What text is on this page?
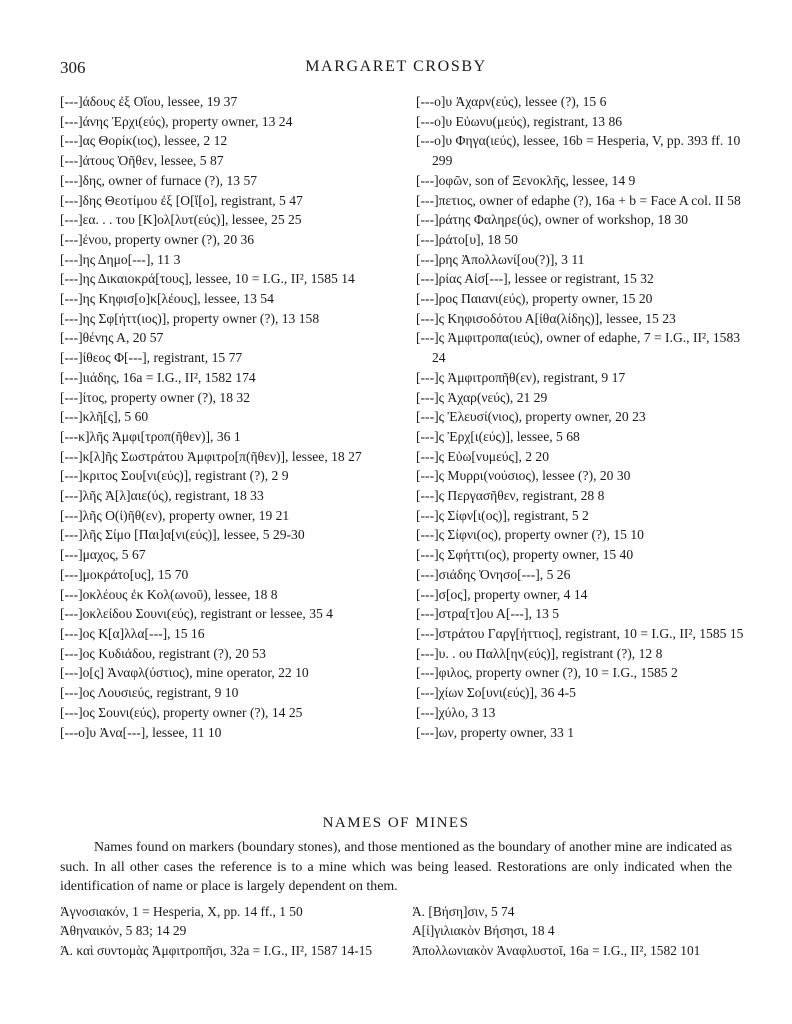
306	MARGARET CROSBY

[---]άδους ἐξ Οἴου, lessee, 19 37

[---]άνης Ἐρχι(εύς), property owner, 13 24

[---]ας Θορίκ(ιος), lessee, 2 12

[---]άτους Ὀῆθεν, lessee, 5 87

[---]δης, owner of furnace (?), 13 57

[---]δης Θεοτίμου ἐξ [Ο[ἴ[ο], registrant, 5 47

[---]εα. . . του [Κ]ολ[λυτ(εύς)], lessee, 25 25

[---]ένου, property owner (?), 20 36

[---]ης Δημο[---], 11 3

[---]ης Δικαιοκρά[τους], lessee, 10 = I.G., II², 1585 14

[---]ης Κηφισ[ο]κ[λέους], lessee, 13 54

[---]ης Σφ[ήττ(ιος)], property owner (?), 13 158

[---]θένης Α, 20 57

[---]ίθεος Φ[---], registrant, 15 77

[---]ιιάδης, 16a = I.G., II², 1582 174

[---]ίτος, property owner (?), 18 32

[---]κλῆ[ς], 5 60

[---κ]λῆς Ἀμφι[τροπ(ῆθεν)], 36 1

[---]κ[λ]ῆς Σωστράτου Ἀμφιτρο[π(ῆθεν)], lessee, 18 27

[---]κριτος Σου[νι(εύς)], registrant (?), 2 9

[---]λῆς Ἀ[λ]αιε(ύς), registrant, 18 33

[---]λῆς Ο(ἰ)ῆθ(εν), property owner, 19 21

[---]λῆς Σίμο [Παι]α[νι(εύς)], lessee, 5 29-30

[---]μαχος, 5 67

[---]μοκράτο[υς], 15 70

[---]οκλέους ἐκ Κολ(ωνοῦ), lessee, 18 8

[---]οκλείδου Σουνι(εύς), registrant or lessee, 35 4

[---]ος Κ[α]λλα[---], 15 16

[---]ος Κυδιάδου, registrant (?), 20 53

[---]ο[ς] Ἀναφλ(ύστιος), mine operator, 22 10

[---]ος Λουσιεύς, registrant, 9 10

[---]ος Σουνι(εύς), property owner (?), 14 25

[---ο]υ Ἀνα[---], lessee, 11 10

[---ο]υ Ἀχαρν(εύς), lessee (?), 15 6

[---ο]υ Εὐωνυ(μεύς), registrant, 13 86

[---ο]υ Φηγα(ιεύς), lessee, 16b = Hesperia, V, pp. 393 ff. 10 299

[---]οφῶν, son of Ξενοκλῆς, lessee, 14 9

[---]πετιος, owner of edaphe (?), 16a + b = Face A col. II 58

[---]ράτης Φαληρε(ύς), owner of workshop, 18 30

[---]ράτο[υ], 18 50

[---]ρης Ἀπολλωνί[ου(?)], 3 11

[---]ρίας Αἰσ[---], lessee or registrant, 15 32

[---]ρος Παιανι(εύς), property owner, 15 20

[---]ς Κηφισοδότου Α[ἰθα(λίδης)], lessee, 15 23

[---]ς Ἀμφιτροπα(ιεύς), owner of edaphe, 7 = I.G., II², 1583 24

[---]ς Ἀμφιτροπῆθ(εν), registrant, 9 17

[---]ς Ἀχαρ(νεύς), 21 29

[---]ς Ἐλευσί(νιος), property owner, 20 23

[---]ς Ἐρχ[ι(εύς)], lessee, 5 68

[---]ς Εὐω[νυμεύς], 2 20

[---]ς Μυρρι(νούσιος), lessee (?), 20 30

[---]ς Περγασῆθεν, registrant, 28 8

[---]ς Σίφν[ι(ος)], registrant, 5 2

[---]ς Σίφνι(ος), property owner (?), 15 10

[---]ς Σφήττι(ος), property owner, 15 40

[---]σιάδης Ὀνησο[---], 5 26

[---]σ[ος], property owner, 4 14

[---]στρα[τ]ου Α[---], 13 5

[---]στράτου Γαργ[ήττιος], registrant, 10 = I.G., II², 1585 15

[---]υ. . ου Παλλ[ην(εύς)], registrant (?), 12 8

[---]φιλος, property owner (?), 10 = I.G., 1585 2

[---]χίων Σο[υνι(εύς)], 36 4-5

[---]χύλο, 3 13

[---]ων, property owner, 33 1

NAMES OF MINES

Names found on markers (boundary stones), and those mentioned as the boundary of another mine are indicated as such. In all other cases the reference is to a mine which was being leased. Restorations are only indicated when the identification of name or place is largely dependent on them.

Ἀγνοσιακόν, 1 = Hesperia, X, pp. 14 ff., 1 50

Ἀθηναικόν, 5 83; 14 29

Ἀ. καὶ συντομὰς Ἀμφιτροπῆσι, 32a = I.G., II², 1587 14-15

Ἀ. [Βήση]σιν, 5 74

Α[ἰ]γιλιακὸν Βήσησι, 18 4

Ἀπολλωνιακὸν Ἀναφλυστοῖ, 16a = I.G., II², 1582 101
